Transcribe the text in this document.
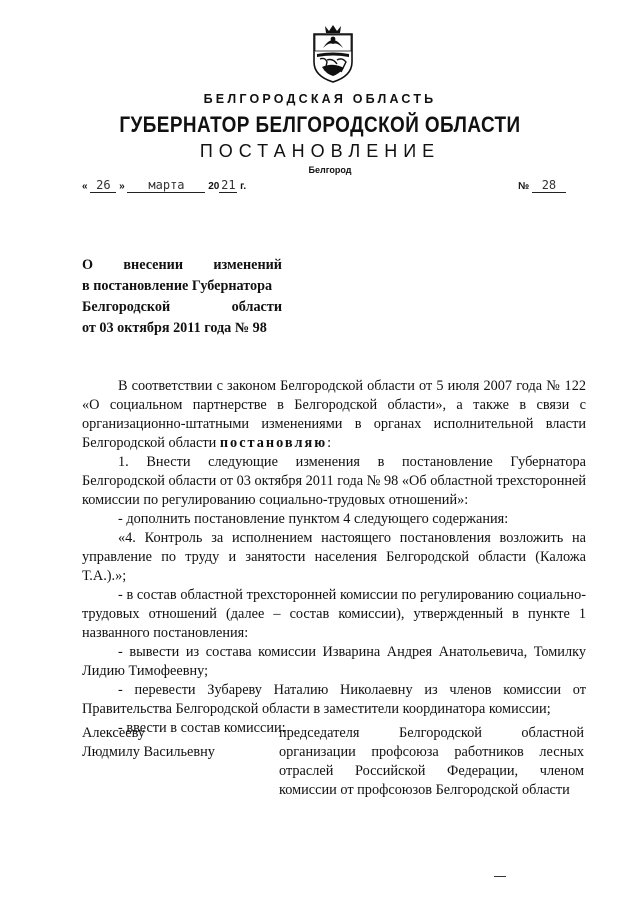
БЕЛГОРОДСКАЯ ОБЛАСТЬ
ГУБЕРНАТОР БЕЛГОРОДСКОЙ ОБЛАСТИ
ПОСТАНОВЛЕНИЕ
Белгород
« 26 » марта 20 21 г.	№ 28
О внесении изменений
в постановление Губернатора
Белгородской	области
от 03 октября 2011 года № 98

В соответствии с законом Белгородской области от 5 июля 2007 года № 122 «О социальном партнерстве в Белгородской области», а также в связи с организационно-штатными изменениями в органах исполнительной власти Белгородской области постановляю:

1. Внести следующие изменения в постановление Губернатора Белгородской области от 03 октября 2011 года № 98 «Об областной трехсторонней комиссии по регулированию социально-трудовых отношений»:

- дополнить постановление пунктом 4 следующего содержания:

«4. Контроль за исполнением настоящего постановления возложить на управление по труду и занятости населения Белгородской области (Каложа Т.А.).»;

- в состав областной трехсторонней комиссии по регулированию социально-трудовых отношений (далее – состав комиссии), утвержденный в пункте 1 названного постановления:

- вывести из состава комиссии Изварина Андрея Анатольевича, Томилку Лидию Тимофеевну;

- перевести Зубареву Наталию Николаевну из членов комиссии от Правительства Белгородской области в заместители координатора комиссии;

- ввести в состав комиссии:

Алексееву
Людмилу Васильевну
председателя Белгородской областной организации профсоюза работников лесных отраслей Российской Федерации, членом комиссии от профсоюзов Белгородской области
